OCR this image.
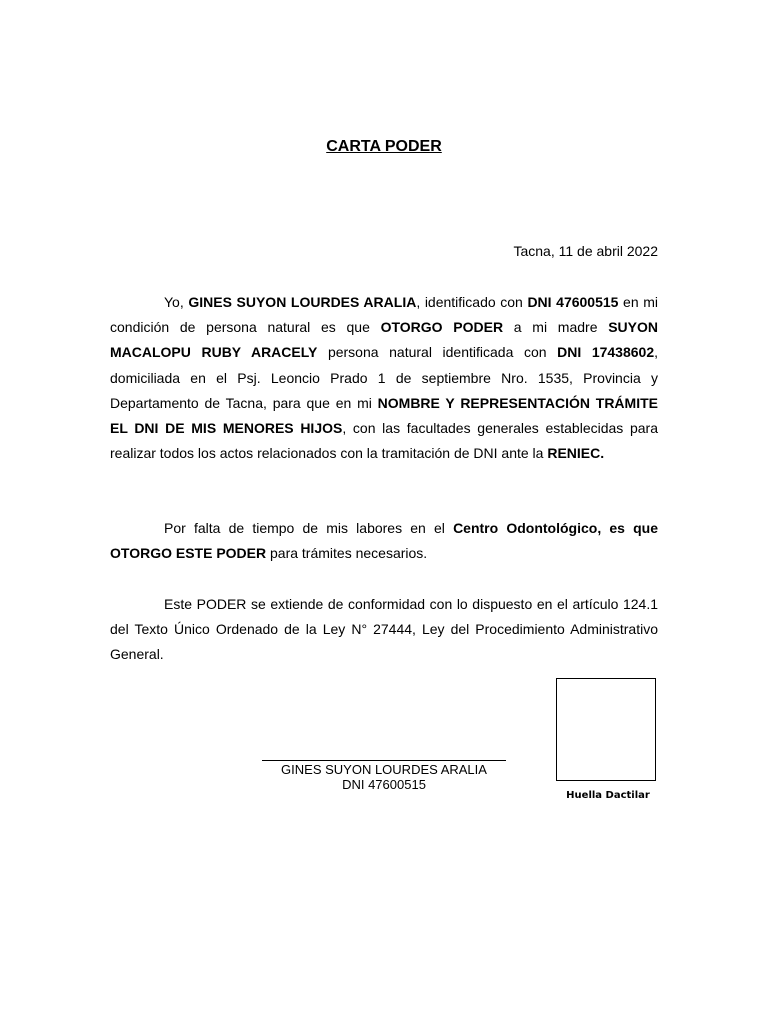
CARTA PODER
Tacna, 11 de abril 2022

Yo, GINES SUYON LOURDES ARALIA, identificado con DNI 47600515 en mi condición de persona natural es que OTORGO PODER a mi madre SUYON MACALOPU RUBY ARACELY persona natural identificada con DNI 17438602, domiciliada en el Psj. Leoncio Prado 1 de septiembre Nro. 1535, Provincia y Departamento de Tacna, para que en mi NOMBRE Y REPRESENTACIÓN TRÁMITE EL DNI DE MIS MENORES HIJOS, con las facultades generales establecidas para realizar todos los actos relacionados con la tramitación de DNI ante la RENIEC.

Por falta de tiempo de mis labores en el Centro Odontológico, es que OTORGO ESTE PODER para trámites necesarios.

Este PODER se extiende de conformidad con lo dispuesto en el artículo 124.1 del Texto Único Ordenado de la Ley N° 27444, Ley del Procedimiento Administrativo General.

Huella Dactilar
GINES SUYON LOURDES ARALIA
DNI 47600515
